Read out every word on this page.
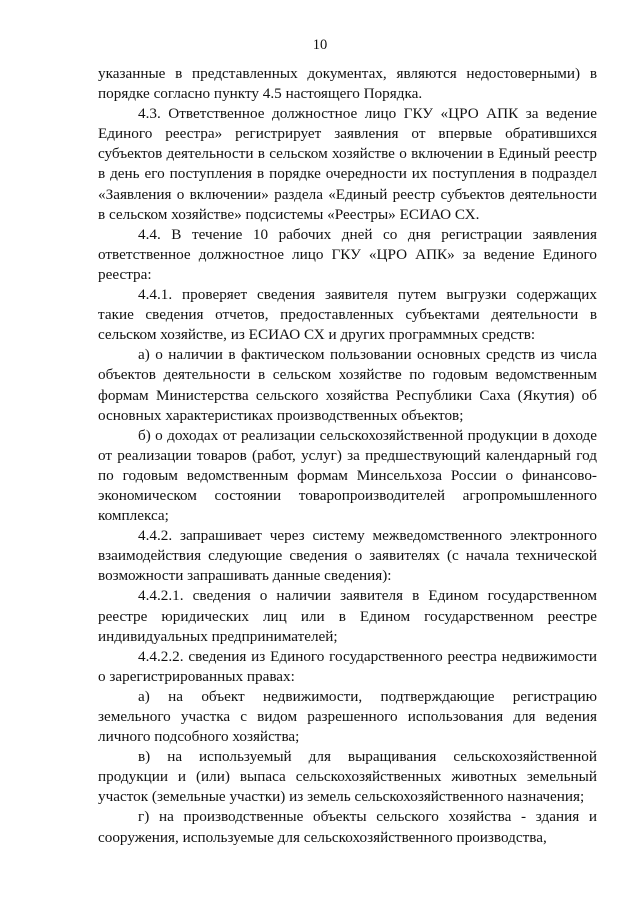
10

указанные в представленных документах, являются недостоверными) в порядке согласно пункту 4.5 настоящего Порядка.

4.3. Ответственное должностное лицо ГКУ «ЦРО АПК за ведение Единого реестра» регистрирует заявления от впервые обратившихся субъектов деятельности в сельском хозяйстве о включении в Единый реестр в день его поступления в порядке очередности их поступления в подраздел «Заявления о включении» раздела «Единый реестр субъектов деятельности в сельском хозяйстве» подсистемы «Реестры» ЕСИАО СХ.

4.4. В течение 10 рабочих дней со дня регистрации заявления ответственное должностное лицо ГКУ «ЦРО АПК» за ведение Единого реестра:

4.4.1. проверяет сведения заявителя путем выгрузки содержащих такие сведения отчетов, предоставленных субъектами деятельности в сельском хозяйстве, из ЕСИАО СХ и других программных средств:

а) о наличии в фактическом пользовании основных средств из числа объектов деятельности в сельском хозяйстве по годовым ведомственным формам Министерства сельского хозяйства Республики Саха (Якутия) об основных характеристиках производственных объектов;

б) о доходах от реализации сельскохозяйственной продукции в доходе от реализации товаров (работ, услуг) за предшествующий календарный год по годовым ведомственным формам Минсельхоза России о финансово-экономическом состоянии товаропроизводителей агропромышленного комплекса;

4.4.2. запрашивает через систему межведомственного электронного взаимодействия следующие сведения о заявителях (с начала технической возможности запрашивать данные сведения):

4.4.2.1. сведения о наличии заявителя в Едином государственном реестре юридических лиц или в Едином государственном реестре индивидуальных предпринимателей;

4.4.2.2. сведения из Единого государственного реестра недвижимости о зарегистрированных правах:

а) на объект недвижимости, подтверждающие регистрацию земельного участка с видом разрешенного использования для ведения личного подсобного хозяйства;

в) на используемый для выращивания сельскохозяйственной продукции и (или) выпаса сельскохозяйственных животных земельный участок (земельные участки) из земель сельскохозяйственного назначения;

г) на производственные объекты сельского хозяйства - здания и сооружения, используемые для сельскохозяйственного производства,
